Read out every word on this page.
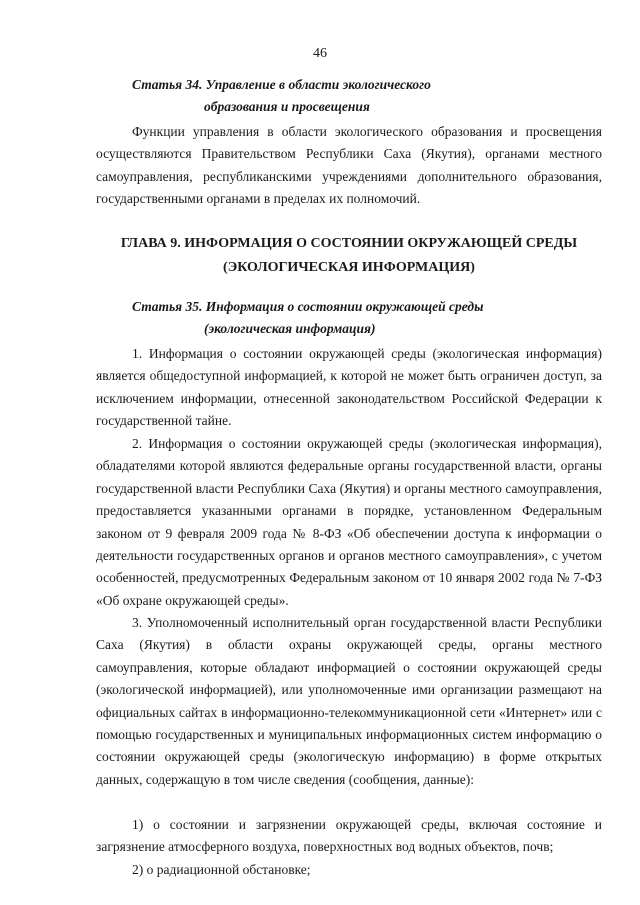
46
Статья 34. Управление в области экологического
образования и просвещения

Функции управления в области экологического образования и просвещения осуществляются Правительством Республики Саха (Якутия), органами местного самоуправления, республиканскими учреждениями дополнительного образования, государственными органами в пределах их полномочий.

ГЛАВА 9. ИНФОРМАЦИЯ О СОСТОЯНИИ ОКРУЖАЮЩЕЙ СРЕДЫ
(ЭКОЛОГИЧЕСКАЯ ИНФОРМАЦИЯ)
Статья 35. Информация о состоянии окружающей среды
(экологическая информация)

1. Информация о состоянии окружающей среды (экологическая информация) является общедоступной информацией, к которой не может быть ограничен доступ, за исключением информации, отнесенной законодательством Российской Федерации к государственной тайне.

2. Информация о состоянии окружающей среды (экологическая информация), обладателями которой являются федеральные органы государственной власти, органы государственной власти Республики Саха (Якутия) и органы местного самоуправления, предоставляется указанными органами в порядке, установленном Федеральным законом от 9 февраля 2009 года № 8-ФЗ «Об обеспечении доступа к информации о деятельности государственных органов и органов местного самоуправления», с учетом особенностей, предусмотренных Федеральным законом от 10 января 2002 года № 7-ФЗ «Об охране окружающей среды».

3. Уполномоченный исполнительный орган государственной власти Республики Саха (Якутия) в области охраны окружающей среды, органы местного самоуправления, которые обладают информацией о состоянии окружающей среды (экологической информацией), или уполномоченные ими организации размещают на официальных сайтах в информационно-телекоммуникационной сети «Интернет» или с помощью государственных и муниципальных информационных систем информацию о состоянии окружающей среды (экологическую информацию) в форме открытых данных, содержащую в том числе сведения (сообщения, данные):

1) о состоянии и загрязнении окружающей среды, включая состояние и загрязнение атмосферного воздуха, поверхностных вод водных объектов, почв;

2) о радиационной обстановке;
